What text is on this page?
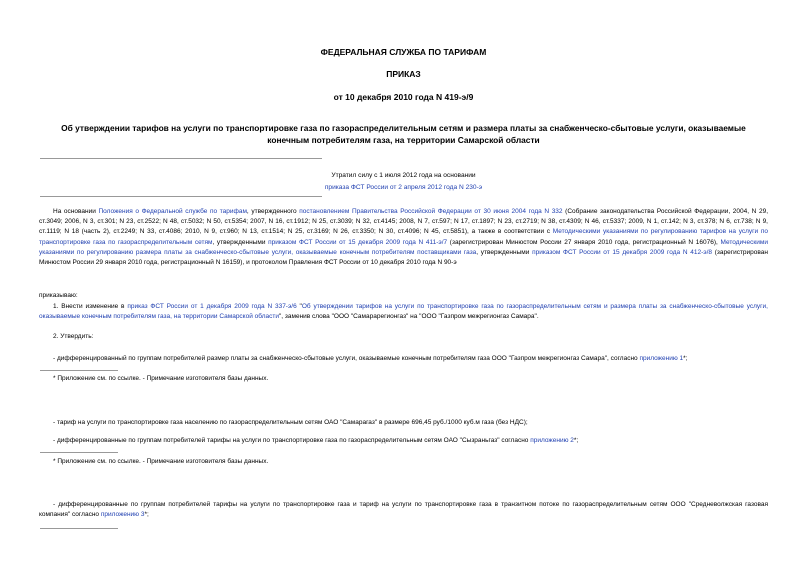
ФЕДЕРАЛЬНАЯ СЛУЖБА ПО ТАРИФАМ
ПРИКАЗ
от 10 декабря 2010 года N 419-э/9
Об утверждении тарифов на услуги по транспортировке газа по газораспределительным сетям и размера платы за снабженческо-сбытовые услуги, оказываемые конечным потребителям газа, на территории Самарской области
Утратил силу с 1 июля 2012 года на основании
приказа ФСТ России от 2 апреля 2012 года N 230-э
На основании Положения о Федеральной службе по тарифам, утвержденного постановлением Правительства Российской Федерации от 30 июня 2004 года N 332 (Собрание законодательства Российской Федерации, 2004, N 29, ст.3049; 2006, N 3, ст.301; N 23, ст.2522; N 48, ст.5032; N 50, ст.5354; 2007, N 16, ст.1912; N 25, ст.3039; N 32, ст.4145; 2008, N 7, ст.597; N 17, ст.1897; N 23, ст.2719; N 38, ст.4309; N 46, ст.5337; 2009, N 1, ст.142; N 3, ст.378; N 6, ст.738; N 9, ст.1119; N 18 (часть 2), ст.2249; N 33, ст.4086; 2010, N 9, ст.960; N 13, ст.1514; N 25, ст.3169; N 26, ст.3350; N 30, ст.4096; N 45, ст.5851), а также в соответствии с Методическими указаниями по регулированию тарифов на услуги по транспортировке газа по газораспределительным сетям, утвержденными приказом ФСТ России от 15 декабря 2009 года N 411-э/7 (зарегистрирован Минюстом России 27 января 2010 года, регистрационный N 16076), Методическими указаниями по регулированию размера платы за снабженческо-сбытовые услуги, оказываемые конечным потребителям поставщиками газа, утвержденными приказом ФСТ России от 15 декабря 2009 года N 412-э/8 (зарегистрирован Минюстом России 29 января 2010 года, регистрационный N 16159), и протоколом Правления ФСТ России от 10 декабря 2010 года N 90-э
приказываю:
1. Внести изменение в приказ ФСТ России от 1 декабря 2009 года N 337-э/6 "Об утверждении тарифов на услуги по транспортировке газа по газораспределительным сетям и размера платы за снабженческо-сбытовые услуги, оказываемые конечным потребителям газа, на территории Самарской области", заменив слова "ООО "Самарарегионгаз" на "ООО "Газпром межрегионгаз Самара".
2. Утвердить:
- дифференцированный по группам потребителей размер платы за снабженческо-сбытовые услуги, оказываемые конечным потребителям газа ООО "Газпром межрегионгаз Самара", согласно приложению 1*;
* Приложение см. по ссылке. - Примечание изготовителя базы данных.
- тариф на услуги по транспортировке газа населению по газораспределительным сетям ОАО "Самарагаз" в размере 696,45 руб./1000 куб.м газа (без НДС);
- дифференцированные по группам потребителей тарифы на услуги по транспортировке газа по газораспределительным сетям ОАО "Сызраньгаз" согласно приложению 2*;
* Приложение см. по ссылке. - Примечание изготовителя базы данных.
- дифференцированные по группам потребителей тарифы на услуги по транспортировке газа и тариф на услуги по транспортировке газа в транзитном потоке по газораспределительным сетям ООО "Средневолжская газовая компания" согласно приложению 3*;
